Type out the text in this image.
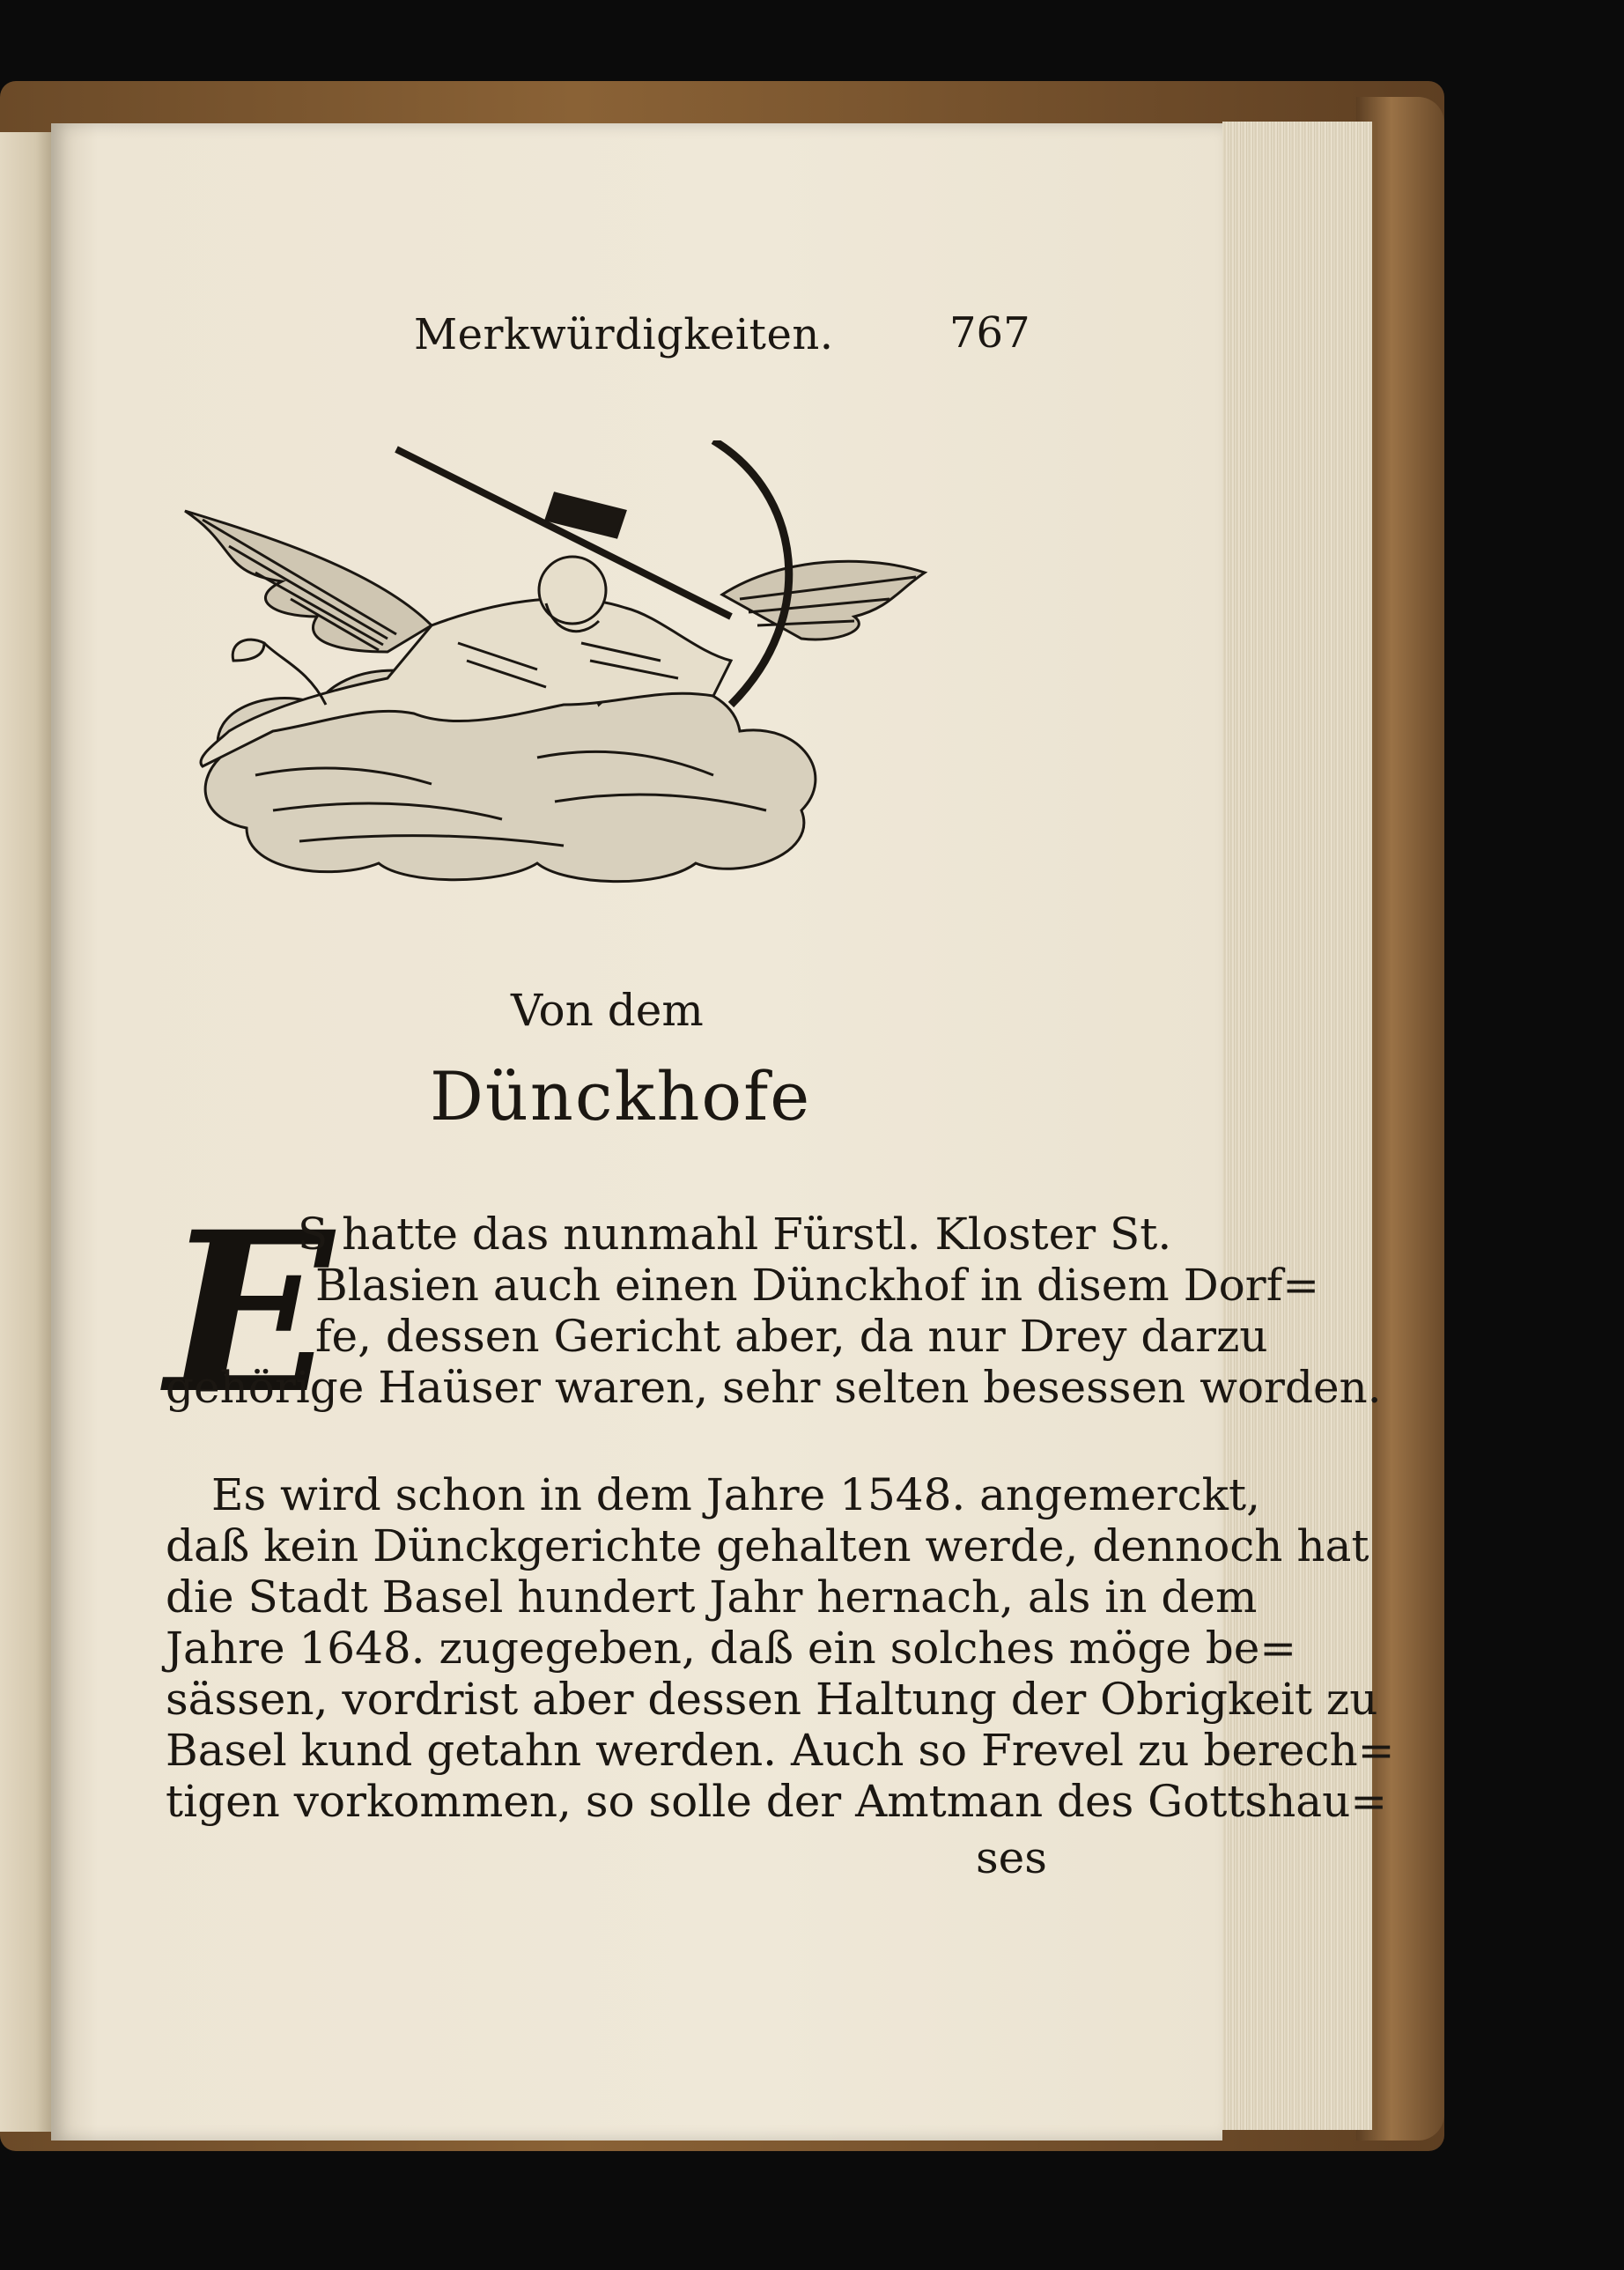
Merkwürdigkeiten.	767
Von dem
Dünckhofe
E
S hatte das nunmahl Fürstl. Kloster St.
Blasien auch einen Dünckhof in disem Dorf=
fe, dessen Gericht aber, da nur Drey darzu
gehörige Haüser waren, sehr selten besessen worden.
Es wird schon in dem Jahre 1548. angemerckt,
daß kein Dünckgerichte gehalten werde, dennoch hat
die Stadt Basel hundert Jahr hernach, als in dem
Jahre 1648. zugegeben, daß ein solches möge be=
sässen, vordrist aber dessen Haltung der Obrigkeit zu
Basel kund getahn werden. Auch so Frevel zu berech=
tigen vorkommen, so solle der Amtman des Gottshau=
ses
